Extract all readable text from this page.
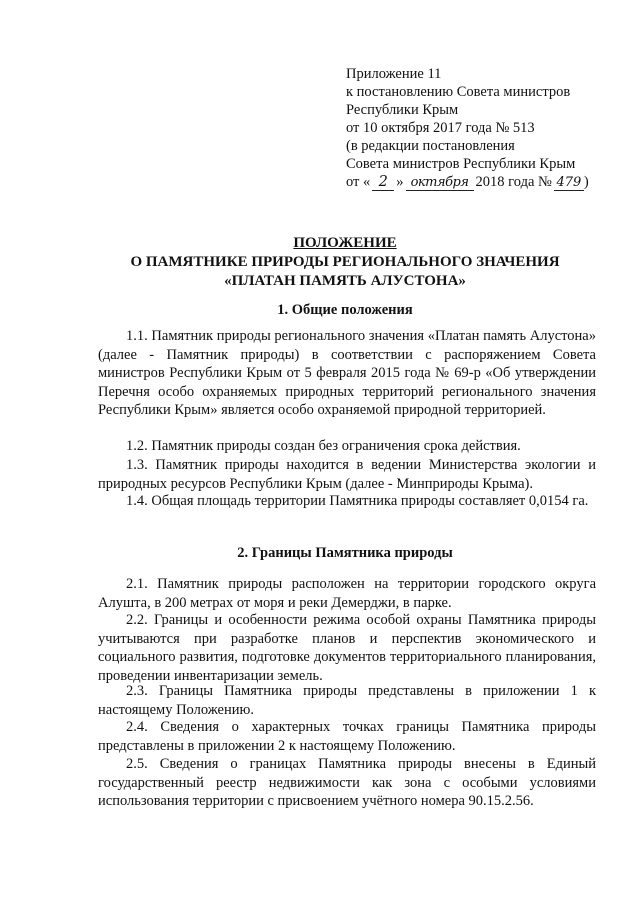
Приложение 11
к постановлению Совета министров
Республики Крым
от 10 октября 2017 года № 513
(в редакции постановления
Совета министров Республики Крым
от « 2 » октября 2018 года № 479 )
ПОЛОЖЕНИЕ
О ПАМЯТНИКЕ ПРИРОДЫ РЕГИОНАЛЬНОГО ЗНАЧЕНИЯ
«ПЛАТАН ПАМЯТЬ АЛУСТОНА»
1. Общие положения

1.1. Памятник природы регионального значения «Платан память Алустона» (далее - Памятник природы) в соответствии с распоряжением Совета министров Республики Крым от 5 февраля 2015 года № 69-р «Об утверждении Перечня особо охраняемых природных территорий регионального значения Республики Крым» является особо охраняемой природной территорией.

1.2. Памятник природы создан без ограничения срока действия.

1.3. Памятник природы находится в ведении Министерства экологии и природных ресурсов Республики Крым (далее - Минприроды Крыма).

1.4. Общая площадь территории Памятника природы составляет 0,0154 га.

2. Границы Памятника природы

2.1. Памятник природы расположен на территории городского округа Алушта, в 200 метрах от моря и реки Демерджи, в парке.

2.2. Границы и особенности режима особой охраны Памятника природы учитываются при разработке планов и перспектив экономического и социального развития, подготовке документов территориального планирования, проведении инвентаризации земель.

2.3. Границы Памятника природы представлены в приложении 1 к настоящему Положению.

2.4. Сведения о характерных точках границы Памятника природы представлены в приложении 2 к настоящему Положению.

2.5. Сведения о границах Памятника природы внесены в Единый государственный реестр недвижимости как зона с особыми условиями использования территории с присвоением учётного номера 90.15.2.56.
